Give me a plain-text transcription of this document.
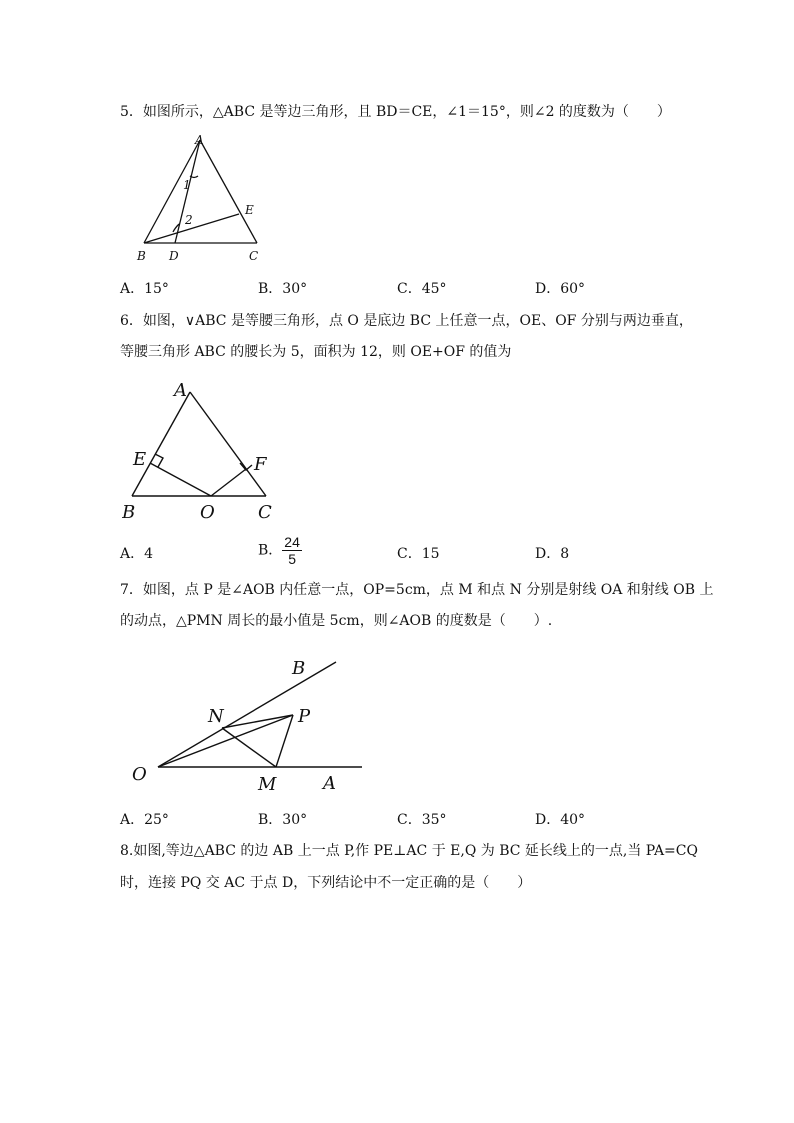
5．如图所示，△ABC 是等边三角形，且 BD＝CE，∠1＝15°，则∠2 的度数为（　　）
A
B	C
D
E
1
2
A．15°	B．30°	C．45°	D．60°
6．如图，∨ABC 是等腰三角形，点 O 是底边 BC 上任意一点，OE、OF 分别与两边垂直，
等腰三角形 ABC 的腰长为 5，面积为 12，则 OE+OF 的值为
A
B	C
E	F
O
A．4	B． $\frac{24}{5}$	C．15	D．8
7．如图，点 P 是∠AOB 内任意一点，OP=5cm，点 M 和点 N 分别是射线 OA 和射线 OB 上
的动点，△PMN 周长的最小值是 5cm，则∠AOB 的度数是（　　）.
O	A
B
M
N	P
A．25°	B．30°	C．35°	D．40°
8.如图,等边△ABC 的边 AB 上一点 P,作 PE⊥AC 于 E,Q 为 BC 延长线上的一点,当 PA=CQ
时，连接 PQ 交 AC 于点 D，下列结论中不一定正确的是（　　）
